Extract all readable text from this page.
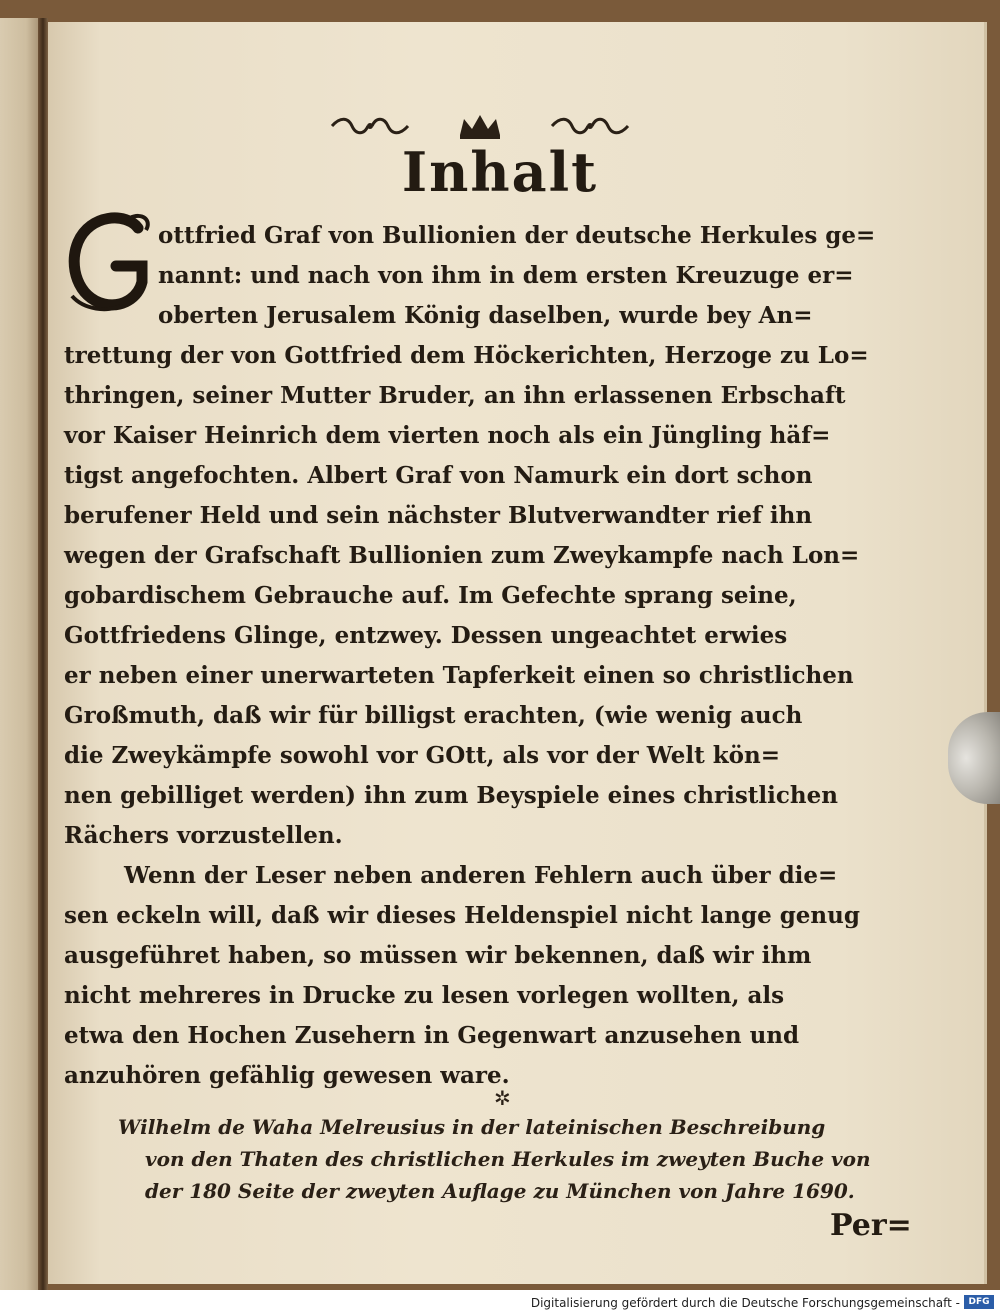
Inhalt
ottfried Graf von Bullionien der deutsche Herkules ge=
nannt: und nach von ihm in dem ersten Kreuzuge er=
oberten Jerusalem König daselben, wurde bey An=
trettung der von Gottfried dem Höckerichten, Herzoge zu Lo=
thringen, seiner Mutter Bruder, an ihn erlassenen Erbschaft
vor Kaiser Heinrich dem vierten noch als ein Jüngling häf=
tigst angefochten. Albert Graf von Namurk ein dort schon
berufener Held und sein nächster Blutverwandter rief ihn
wegen der Grafschaft Bullionien zum Zweykampfe nach Lon=
gobardischem Gebrauche auf. Im Gefechte sprang seine,
Gottfriedens Glinge, entzwey. Dessen ungeachtet erwies
er neben einer unerwarteten Tapferkeit einen so christlichen
Großmuth, daß wir für billigst erachten, (wie wenig auch
die Zweykämpfe sowohl vor GOtt, als vor der Welt kön=
nen gebilliget werden) ihn zum Beyspiele eines christlichen
Rächers vorzustellen.
Wenn der Leser neben anderen Fehlern auch über die=
sen eckeln will, daß wir dieses Heldenspiel nicht lange genug
ausgeführet haben, so müssen wir bekennen, daß wir ihm
nicht mehreres in Drucke zu lesen vorlegen wollten, als
etwa den Hochen Zusehern in Gegenwart anzusehen und
anzuhören gefählig gewesen ware.
✲
Wilhelm de Waha Melreusius in der lateinischen Beschreibung
von den Thaten des christlichen Herkules im zweyten Buche von
der 180 Seite der zweyten Auflage zu München von Jahre 1690.
Per=
Digitalisierung gefördert durch die Deutsche Forschungsgemeinschaft - DFG
